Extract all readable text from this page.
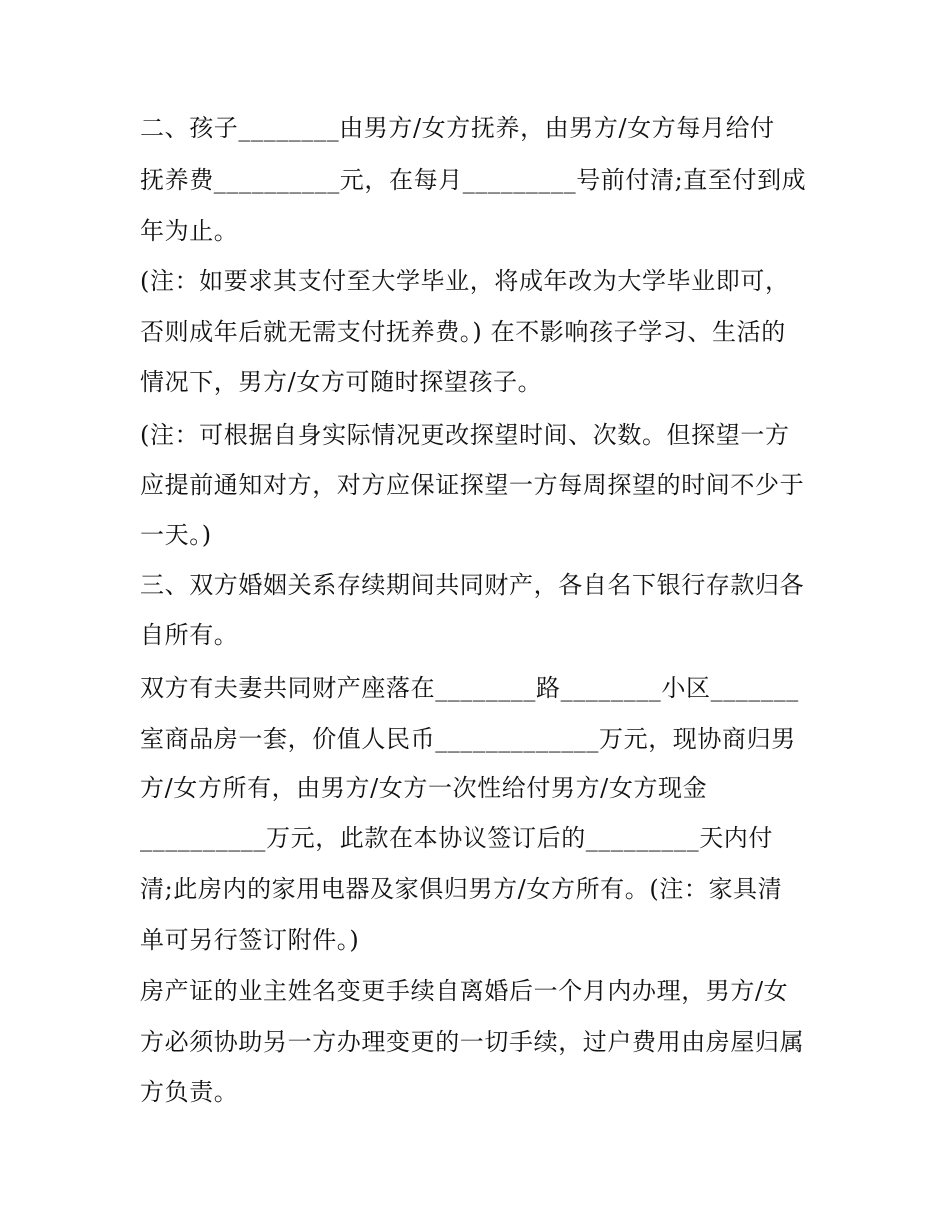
二、孩子________由男方/女方抚养，由男方/女方每月给付
抚养费__________元，在每月_________号前付清;直至付到成
年为止。
(注：如要求其支付至大学毕业，将成年改为大学毕业即可，
否则成年后就无需支付抚养费。) 在不影响孩子学习、生活的
情况下，男方/女方可随时探望孩子。
(注：可根据自身实际情况更改探望时间、次数。但探望一方
应提前通知对方，对方应保证探望一方每周探望的时间不少于
一天。)
三、双方婚姻关系存续期间共同财产，各自名下银行存款归各
自所有。
双方有夫妻共同财产座落在________路________小区_______
室商品房一套，价值人民币_____________万元，现协商归男
方/女方所有，由男方/女方一次性给付男方/女方现金
__________万元，此款在本协议签订后的_________天内付
清;此房内的家用电器及家俱归男方/女方所有。(注：家具清
单可另行签订附件。)
房产证的业主姓名变更手续自离婚后一个月内办理，男方/女
方必须协助另一方办理变更的一切手续，过户费用由房屋归属
方负责。
